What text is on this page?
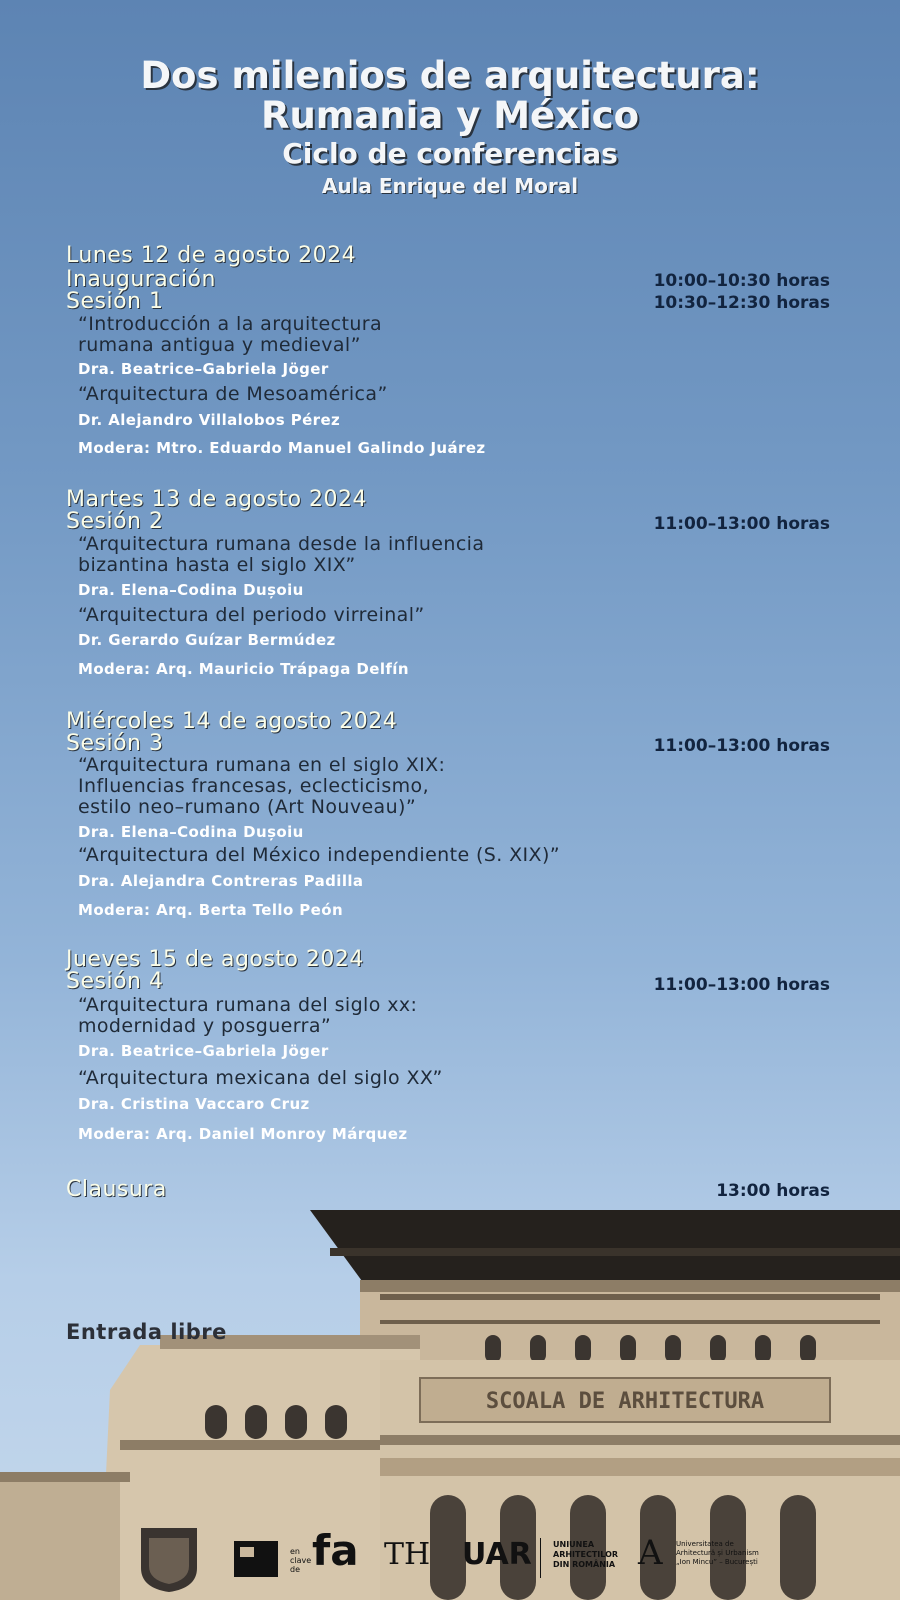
Dos milenios de arquitectura:
Rumania y México
Ciclo de conferencias
Aula Enrique del Moral
Lunes 12 de agosto 2024
Inauguración	10:00–10:30 horas
Sesión 1	10:30–12:30 horas
“Introducción a la arquitectura
rumana antigua y medieval”
Dra. Beatrice–Gabriela Jöger
“Arquitectura de Mesoamérica”
Dr. Alejandro Villalobos Pérez
Modera: Mtro. Eduardo Manuel Galindo Juárez
Martes 13 de agosto 2024
Sesión 2	11:00–13:00 horas
“Arquitectura rumana desde la influencia
bizantina hasta el siglo XIX”
Dra. Elena–Codina Dușoiu
“Arquitectura del periodo virreinal”
Dr. Gerardo Guízar Bermúdez
Modera: Arq. Mauricio Trápaga Delfín
Miércoles 14 de agosto 2024
Sesión 3	11:00–13:00 horas
“Arquitectura rumana en el siglo XIX:
Influencias francesas, eclecticismo,
estilo neo–rumano (Art Nouveau)”
Dra. Elena–Codina Dușoiu
“Arquitectura del México independiente (S. XIX)”
Dra. Alejandra Contreras Padilla
Modera: Arq. Berta Tello Peón
Jueves 15 de agosto 2024
Sesión 4	11:00–13:00 horas
“Arquitectura rumana del siglo xx:
modernidad y posguerra”
Dra. Beatrice–Gabriela Jöger
“Arquitectura mexicana del siglo XX”
Dra. Cristina Vaccaro Cruz
Modera: Arq. Daniel Monroy Márquez
Clausura	13:00 horas
SCOALA DE ARHITECTURA
Entrada libre
en clave de fa TH UAR	UNIUNEA
ARHITECTILOR
DIN ROMÂNIA A Universitatea de
Arhitectură și Urbanism
„Ion Mincu” – București
